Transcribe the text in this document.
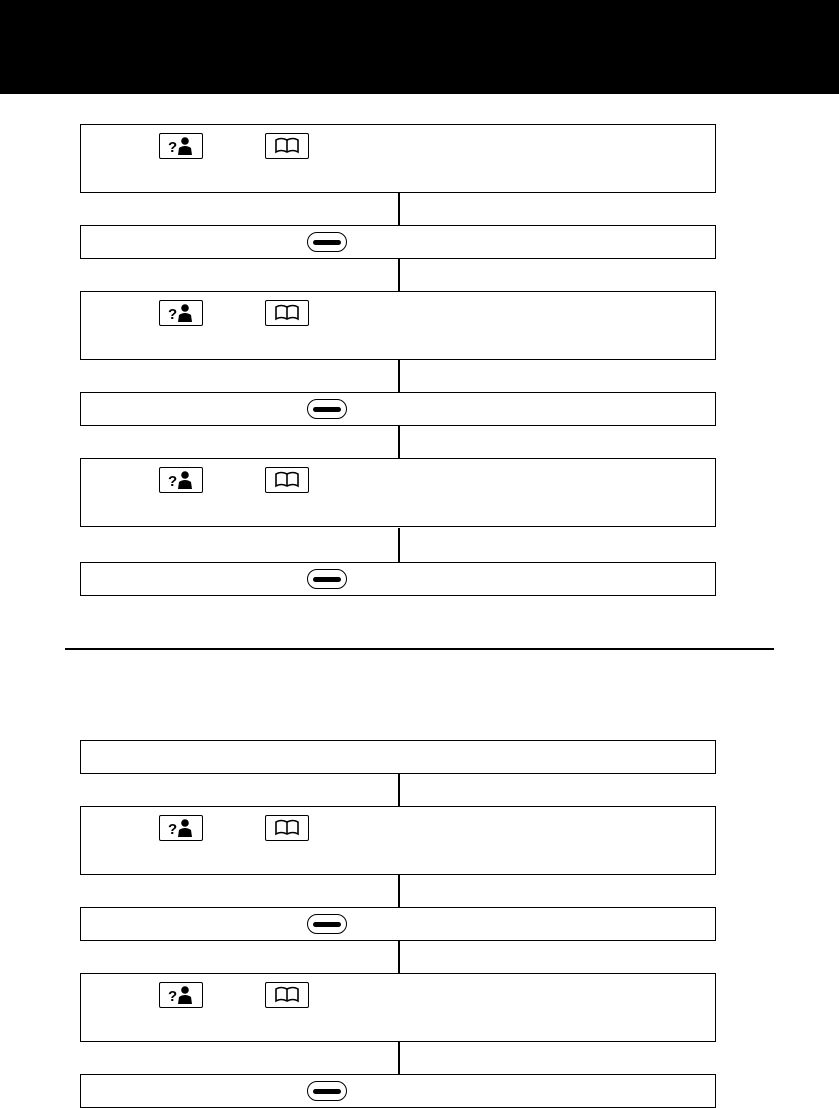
?
?
?
?
?
